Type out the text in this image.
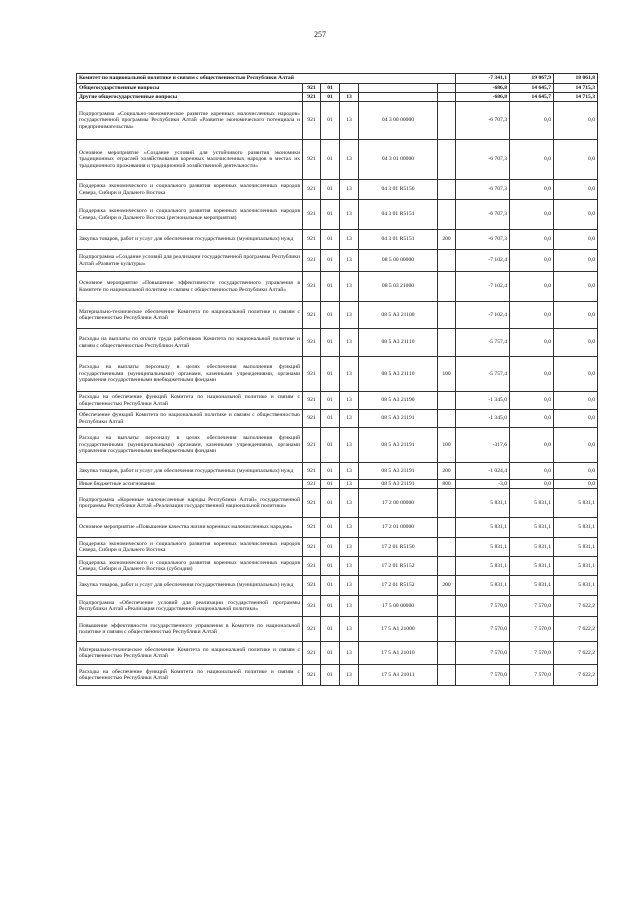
257
Комитет по национальной политике и связям с общественностью Республики Алтай						-7 341,1	19 067,9	18 061,8
Общегосударственные вопросы	921	01				-686,8	14 645,7	14 715,3
Другие общегосударственные вопросы	921	01	13			-686,8	14 645,7	14 715,3
Подпрограмма «Социально-экономическое развитие коренных малочисленных народов» государственной программы Республики Алтай «Развитие экономического потенциала и предпринимательства»	921	01	13	04 3 00 00000		-6 707,3	0,0	0,0
Основное мероприятие «Создание условий для устойчивого развития экономики традиционных отраслей хозяйствования коренных малочисленных народов в местах их традиционного проживания и традиционной хозяйственной деятельности»	921	01	13	04 3 01 00000		-6 707,3	0,0	0,0
Поддержка экономического и социального развития коренных малочисленных народов Севера, Сибири и Дальнего Востока	921	01	13	04 3 01 R5150		-6 707,3	0,0	0,0
Поддержка экономического и социального развития коренных малочисленных народов Севера, Сибири и Дальнего Востока (региональные мероприятия)	921	01	13	04 3 01 R5151		-6 707,3	0,0	0,0
Закупка товаров, работ и услуг для обеспечения государственных (муниципальных) нужд	921	01	13	04 3 01 R5151	200	-6 707,3	0,0	0,0
Подпрограмма «Создание условий для реализации государственной программы Республики Алтай «Развитие культуры»	921	01	13	08 5 00 00000		-7 102,4	0,0	0,0
Основное мероприятие «Повышение эффективности государственного управления в Комитете по национальной политике и связям с общественностью Республики Алтай»	921	01	13	08 5 03 21000		-7 102,4	0,0	0,0
Материально-техническое обеспечение Комитета по национальной политике и связям с общественностью Республики Алтай	921	01	13	08 5 А3 21100		-7 102,4	0,0	0,0
Расходы на выплаты по оплате труда работников Комитета по национальной политике и связям с общественностью Республики Алтай	921	01	13	08 5 А3 21110		-5 757,4	0,0	0,0
Расходы на выплаты персоналу в целях обеспечения выполнения функций государственными (муниципальными) органами, казенными учреждениями, органами управления государственными внебюджетными фондами	921	01	13	08 5 А3 21110	100	-5 757,4	0,0	0,0
Расходы на обеспечение функций Комитета по национальной политике и связям с общественностью Республики Алтай	921	01	13	08 5 А3 21190		-1 345,0	0,0	0,0
Обеспечение функций Комитета по национальной политике и связям с общественностью Республики Алтай	921	01	13	08 5 А3 21191		-1 345,0	0,0	0,0
Расходы на выплаты персоналу в целях обеспечения выполнения функций государственными (муниципальными) органами, казенными учреждениями, органами управления государственными внебюджетными фондами	921	01	13	08 5 А3 21191	100	-317,6	0,0	0,0
Закупка товаров, работ и услуг для обеспечения государственных (муниципальных) нужд	921	01	13	08 5 А3 21191	200	-1 024,4	0,0	0,0
Иные бюджетные ассигнования	921	01	13	08 5 А3 21191	800	-3,0	0,0	0,0
Подпрограмма «Коренные малочисленные народы Республики Алтай» государственной программы Республики Алтай «Реализация государственной национальной политики»	921	01	13	17 2 00 00000		5 831,1	5 831,1	5 831,1
Основное мероприятие «Повышение качества жизни коренных малочисленных народов»	921	01	13	17 2 01 00000		5 831,1	5 831,1	5 831,1
Поддержка экономического и социального развития коренных малочисленных народов Севера, Сибири и Дальнего Востока	921	01	13	17 2 01 R5150		5 831,1	5 831,1	5 831,1
Поддержка экономического и социального развития коренных малочисленных народов Севера, Сибири и Дальнего Востока (субсидия)	921	01	13	17 2 01 R5152		5 831,1	5 831,1	5 831,1
Закупка товаров, работ и услуг для обеспечения государственных (муниципальных) нужд	921	01	13	17 2 01 R5152	200	5 831,1	5 831,1	5 831,1
Подпрограмма «Обеспечение условий для реализации государственной программы Республики Алтай «Реализация государственной национальной политики»	921	01	13	17 5 00 00000		7 570,0	7 570,0	7 622,2
Повышение эффективности государственного управления в Комитете по национальной политике и связям с общественностью Республики Алтай	921	01	13	17 5 А1 21000		7 570,0	7 570,0	7 622,2
Материально-техническое обеспечение Комитета по национальной политике и связям с общественностью Республики Алтай	921	01	13	17 5 А1 21010		7 570,0	7 570,0	7 622,2
Расходы на обеспечение функций Комитета по национальной политике и связям с общественностью Республики Алтай	921	01	13	17 5 А1 21011		7 570,0	7 570,0	7 622,2
